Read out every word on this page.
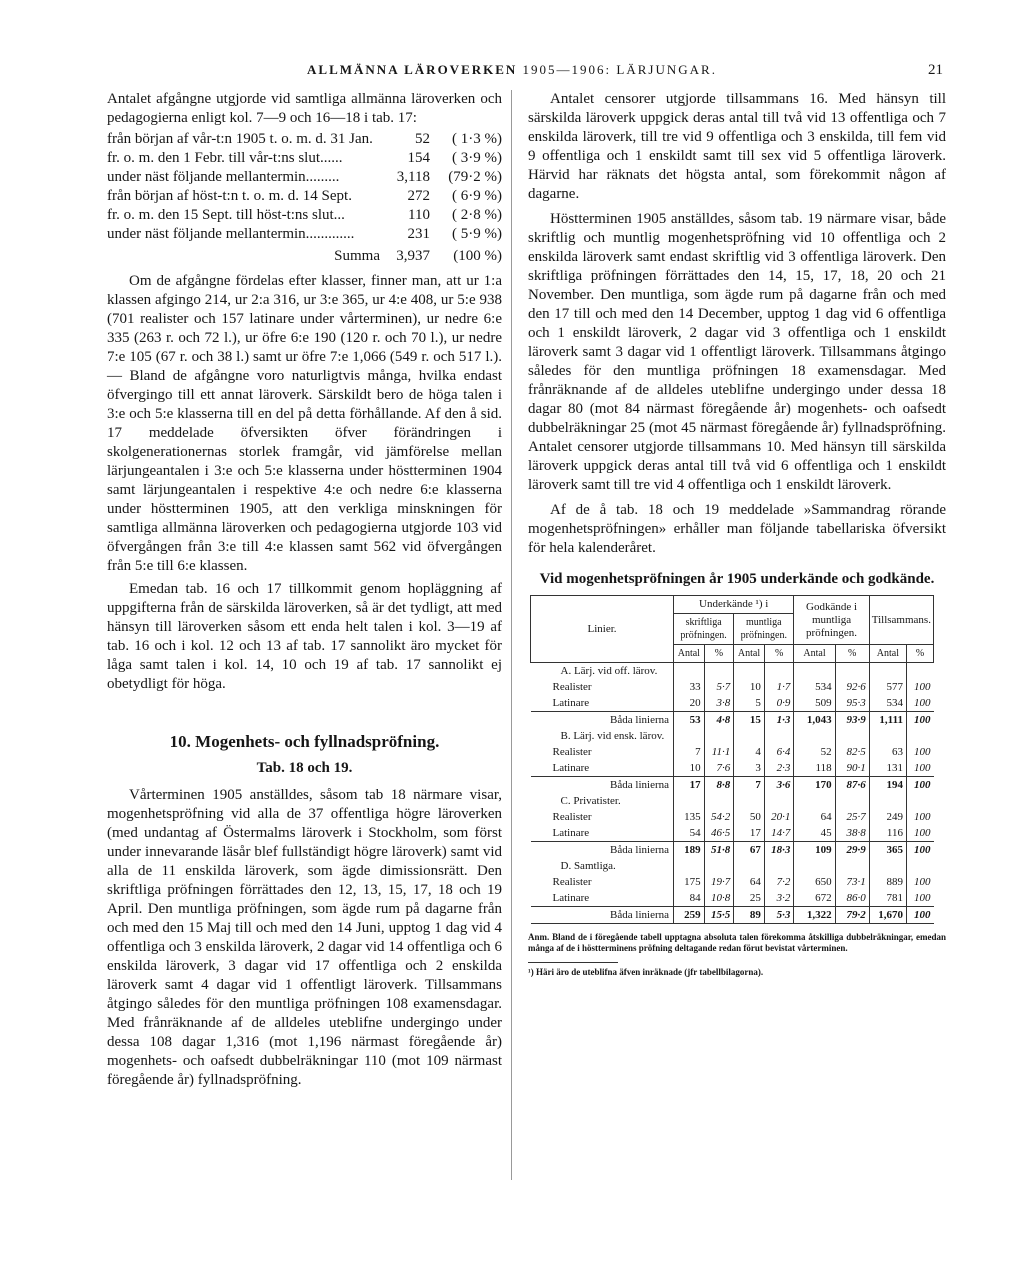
ALLMÄNNA LÄROVERKEN 1905—1906: LÄRJUNGAR.	21

Antalet afgångne utgjorde vid samtliga allmänna läroverken och pedagogierna enligt kol. 7—9 och 16—18 i tab. 17:

från början af vår-t:n 1905 t. o. m. d. 31 Jan.	52	( 1·3 %)
fr. o. m. den 1 Febr. till vår-t:ns slut......	154	( 3·9 %)
under näst följande mellantermin.........	3,118	(79·2 %)
från början af höst-t:n t. o. m. d. 14 Sept.	272	( 6·9 %)
fr. o. m. den 15 Sept. till höst-t:ns slut...	110	( 2·8 %)
under näst följande mellantermin.............	231	( 5·9 %)
Summa	3,937	(100 %)

Om de afgångne fördelas efter klasser, finner man, att ur 1:a klassen afgingo 214, ur 2:a 316, ur 3:e 365, ur 4:e 408, ur 5:e 938 (701 realister och 157 latinare under vårterminen), ur nedre 6:e 335 (263 r. och 72 l.), ur öfre 6:e 190 (120 r. och 70 l.), ur nedre 7:e 105 (67 r. och 38 l.) samt ur öfre 7:e 1,066 (549 r. och 517 l.). — Bland de afgångne voro naturligtvis många, hvilka endast öfvergingo till ett annat läroverk. Särskildt bero de höga talen i 3:e och 5:e klasserna till en del på detta förhållande. Af den å sid. 17 meddelade öfversikten öfver förändringen i skolgenerationernas storlek framgår, vid jämförelse mellan lärjungeantalen i 3:e och 5:e klasserna under höstterminen 1904 samt lärjungeantalen i respektive 4:e och nedre 6:e klasserna under höstterminen 1905, att den verkliga minskningen för samtliga allmänna läroverken och pedagogierna utgjorde 103 vid öfvergången från 3:e till 4:e klassen samt 562 vid öfvergången från 5:e till 6:e klassen.

Emedan tab. 16 och 17 tillkommit genom hopläggning af uppgifterna från de särskilda läroverken, så är det tydligt, att med hänsyn till läroverken såsom ett enda helt talen i kol. 3—19 af tab. 16 och i kol. 12 och 13 af tab. 17 sannolikt äro mycket för låga samt talen i kol. 14, 10 och 19 af tab. 17 sannolikt ej obetydligt för höga.

10. Mogenhets- och fyllnadspröfning.
Tab. 18 och 19.

Vårterminen 1905 anställdes, såsom tab 18 närmare visar, mogenhetspröfning vid alla de 37 offentliga högre läroverken (med undantag af Östermalms läroverk i Stockholm, som först under innevarande läsår blef fullständigt högre läroverk) samt vid alla de 11 enskilda läroverk, som ägde dimissionsrätt. Den skriftliga pröfningen förrättades den 12, 13, 15, 17, 18 och 19 April. Den muntliga pröfningen, som ägde rum på dagarne från och med den 15 Maj till och med den 14 Juni, upptog 1 dag vid 4 offentliga och 3 enskilda läroverk, 2 dagar vid 14 offentliga och 6 enskilda läroverk, 3 dagar vid 17 offentliga och 2 enskilda läroverk samt 4 dagar vid 1 offentligt läroverk. Tillsammans åtgingo således för den muntliga pröfningen 108 examensdagar. Med frånräknande af de alldeles uteblifne undergingo under dessa 108 dagar 1,316 (mot 1,196 närmast föregående år) mogenhets- och oafsedt dubbelräkningar 110 (mot 109 närmast föregående år) fyllnadspröfning.

Antalet censorer utgjorde tillsammans 16. Med hänsyn till särskilda läroverk uppgick deras antal till två vid 13 offentliga och 7 enskilda läroverk, till tre vid 9 offentliga och 3 enskilda, till fem vid 9 offentliga och 1 enskildt samt till sex vid 5 offentliga läroverk. Härvid har räknats det högsta antal, som förekommit någon af dagarne.

Höstterminen 1905 anställdes, såsom tab. 19 närmare visar, både skriftlig och muntlig mogenhetspröfning vid 10 offentliga och 2 enskilda läroverk samt endast skriftlig vid 3 offentliga läroverk. Den skriftliga pröfningen förrättades den 14, 15, 17, 18, 20 och 21 November. Den muntliga, som ägde rum på dagarne från och med den 17 till och med den 14 December, upptog 1 dag vid 6 offentliga och 1 enskildt läroverk, 2 dagar vid 3 offentliga och 1 enskildt läroverk samt 3 dagar vid 1 offentligt läroverk. Tillsammans åtgingo således för den muntliga pröfningen 18 examensdagar. Med frånräknande af de alldeles uteblifne undergingo under dessa 18 dagar 80 (mot 84 närmast föregående år) mogenhets- och oafsedt dubbelräkningar 25 (mot 45 närmast föregående år) fyllnadspröfning. Antalet censorer utgjorde tillsammans 10. Med hänsyn till särskilda läroverk uppgick deras antal till två vid 6 offentliga och 1 enskildt läroverk samt till tre vid 4 offentliga och 1 enskildt läroverk.

Af de å tab. 18 och 19 meddelade »Sammandrag rörande mogenhetspröfningen» erhåller man följande tabellariska öfversikt för hela kalenderåret.

Vid mogenhetspröfningen år 1905 underkände och godkände.
Linier.	Underkände ¹) i				Godkände i muntliga pröfningen.		Tillsammans.	
	skriftliga pröfningen.		muntliga pröfningen.					
	Antal	%	Antal	%	Antal	%	Antal	%
A. Lärj. vid off. lärov.								
Realister	33	5·7	10	1·7	534	92·6	577	100
Latinare	20	3·8	5	0·9	509	95·3	534	100
Båda linierna	53	4·8	15	1·3	1,043	93·9	1,111	100
B. Lärj. vid ensk. lärov.								
Realister	7	11·1	4	6·4	52	82·5	63	100
Latinare	10	7·6	3	2·3	118	90·1	131	100
Båda linierna	17	8·8	7	3·6	170	87·6	194	100
C. Privatister.								
Realister	135	54·2	50	20·1	64	25·7	249	100
Latinare	54	46·5	17	14·7	45	38·8	116	100
Båda linierna	189	51·8	67	18·3	109	29·9	365	100
D. Samtliga.								
Realister	175	19·7	64	7·2	650	73·1	889	100
Latinare	84	10·8	25	3·2	672	86·0	781	100
Båda linierna	259	15·5	89	5·3	1,322	79·2	1,670	100
Anm. Bland de i föregående tabell upptagna absoluta talen förekomma åtskilliga dubbelräkningar, emedan många af de i höstterminens pröfning deltagande redan förut bevistat vårterminen.
¹) Häri äro de uteblifna äfven inräknade (jfr tabellbilagorna).
